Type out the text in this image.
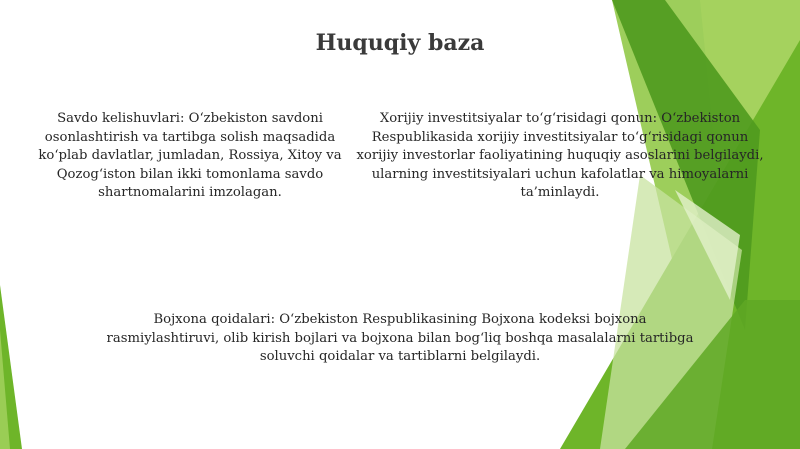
Huquqiy baza

Savdo kelishuvlari: O‘zbekiston savdoni osonlashtirish va tartibga solish maqsadida ko‘plab davlatlar, jumladan, Rossiya, Xitoy va Qozog‘iston bilan ikki tomonlama savdo shartnomalarini imzolagan.

Xorijiy investitsiyalar to‘g‘risidagi qonun: O‘zbekiston Respublikasida xorijiy investitsiyalar to‘g‘risidagi qonun xorijiy investorlar faoliyatining huquqiy asoslarini belgilaydi, ularning investitsiyalari uchun kafolatlar va himoyalarni ta’minlaydi.

Bojxona qoidalari: O‘zbekiston Respublikasining Bojxona kodeksi bojxona rasmiylashtiruvi, olib kirish bojlari va bojxona bilan bog‘liq boshqa masalalarni tartibga soluvchi qoidalar va tartiblarni belgilaydi.
